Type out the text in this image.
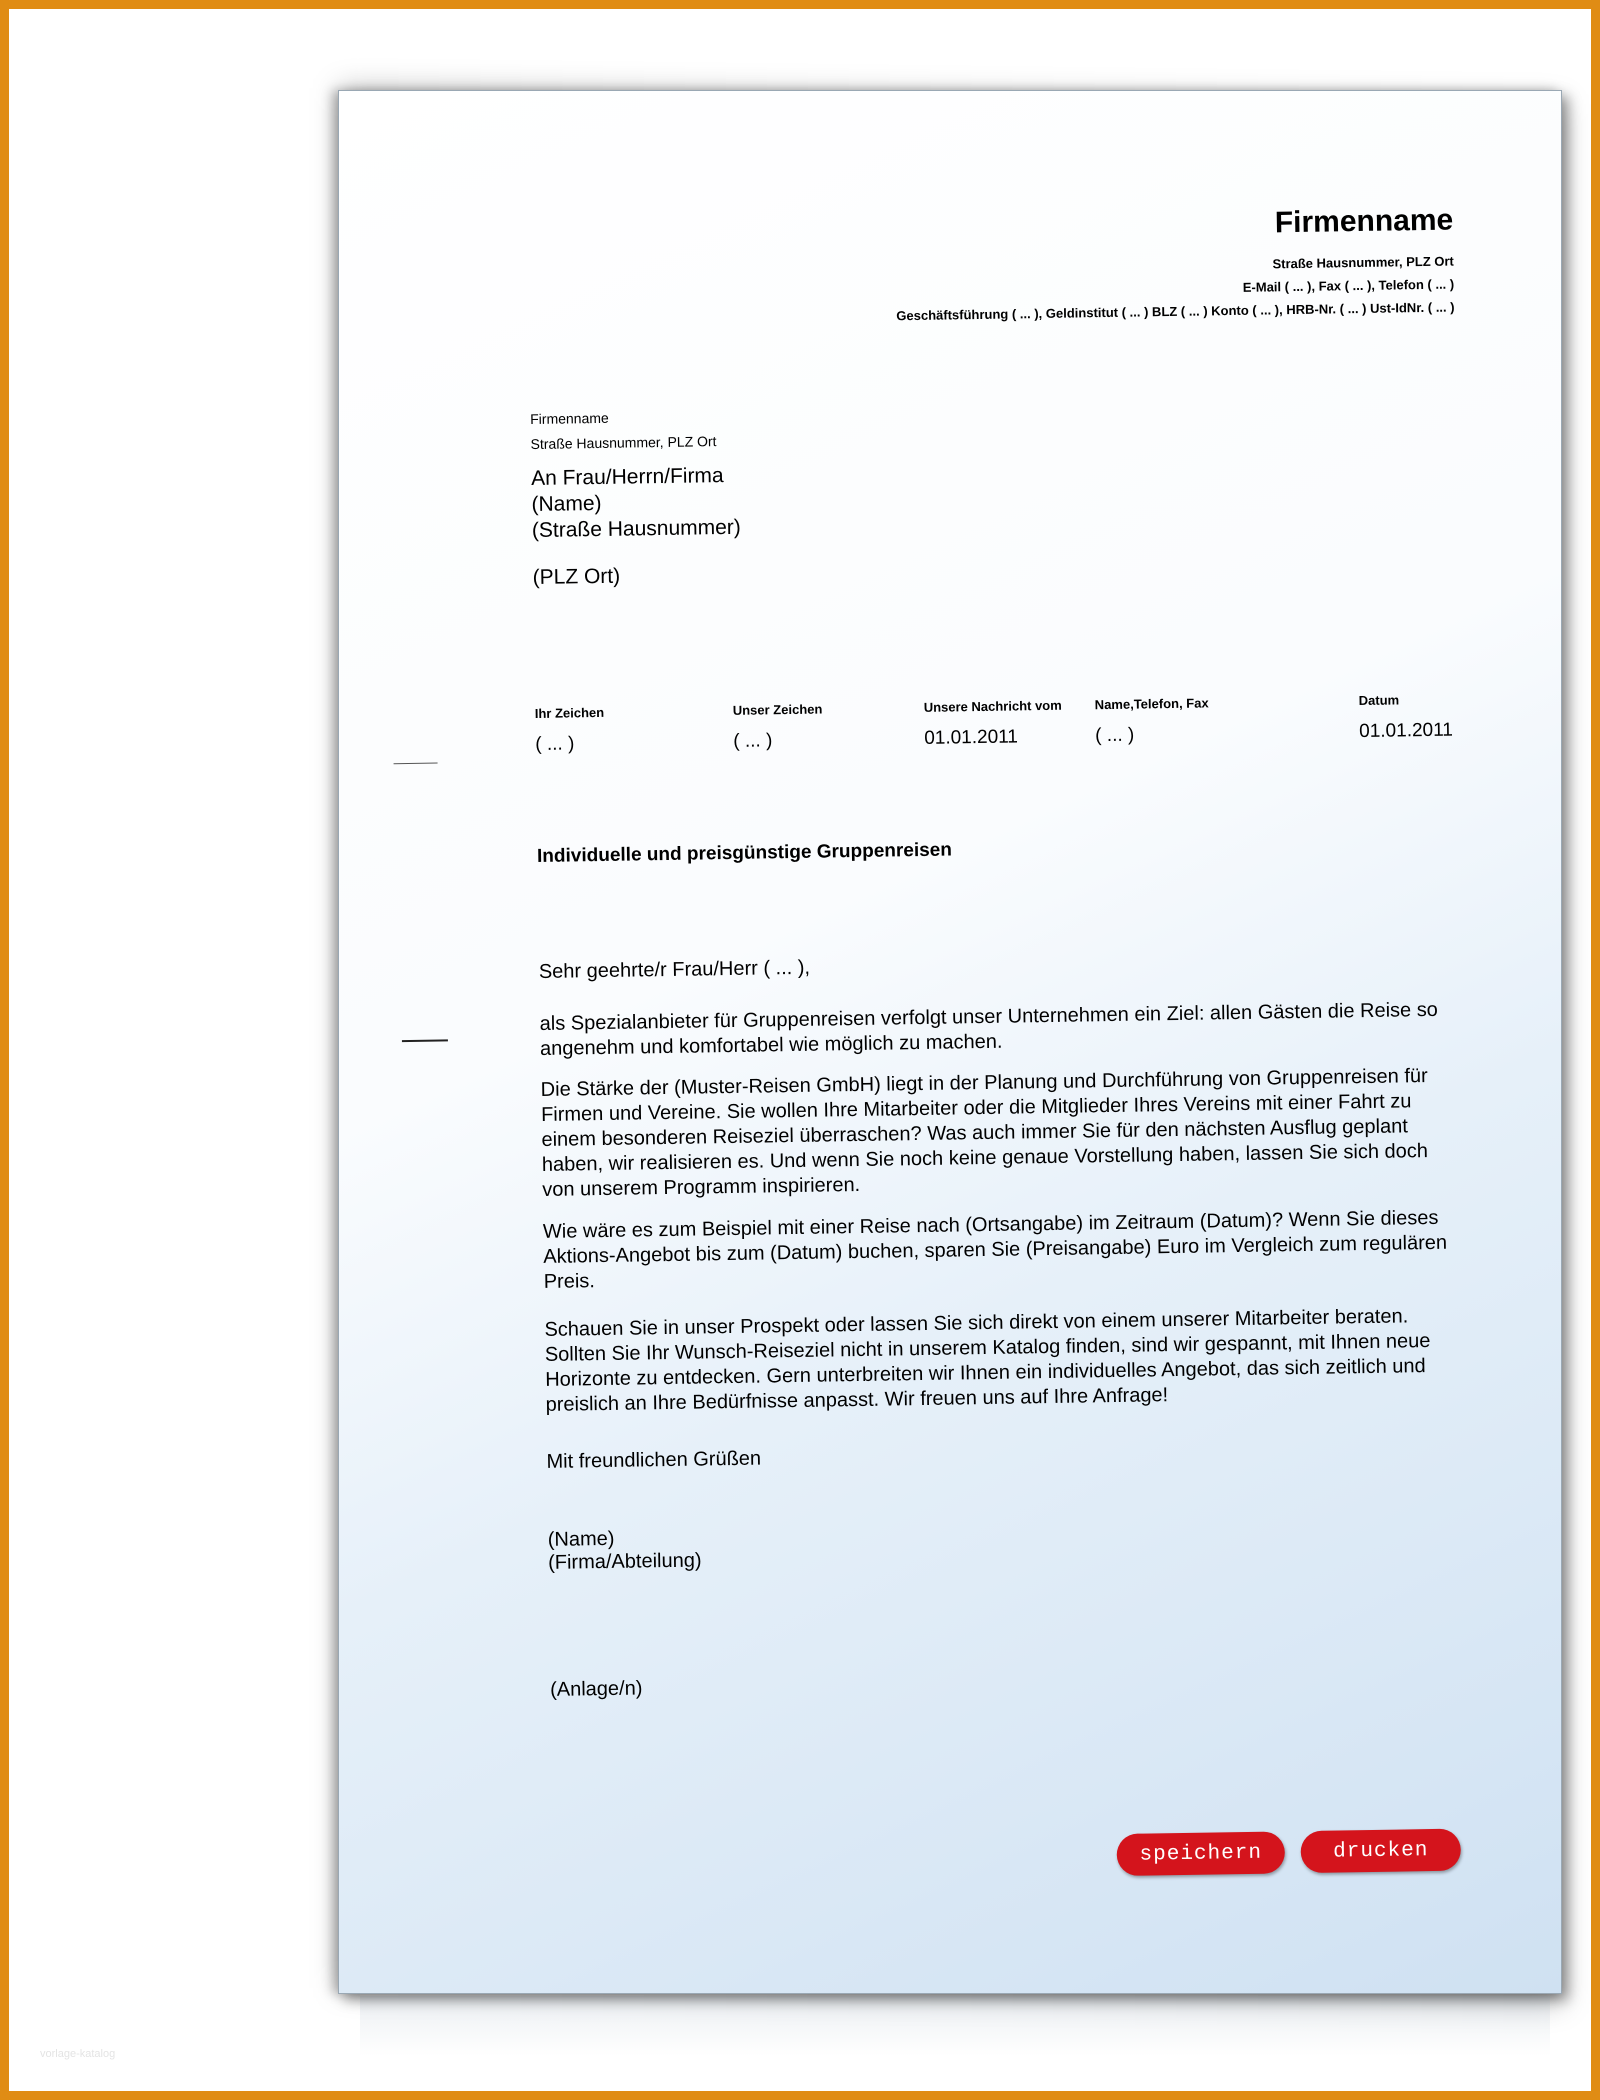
Firmenname
Straße Hausnummer, PLZ Ort
E-Mail ( ... ), Fax ( ... ), Telefon ( ... )
Geschäftsführung ( ... ), Geldinstitut ( ... ) BLZ ( ... ) Konto ( ... ), HRB-Nr. ( ... ) Ust-IdNr. ( ... )
Firmenname
Straße Hausnummer, PLZ Ort
An Frau/Herrn/Firma
(Name)
(Straße Hausnummer)
(PLZ Ort)
Ihr Zeichen
( ... )
Unser Zeichen
( ... )
Unsere Nachricht vom
01.01.2011
Name,Telefon, Fax
( ... )
Datum
01.01.2011
Individuelle und preisgünstige Gruppenreisen
Sehr geehrte/r Frau/Herr ( ... ),
als Spezialanbieter für Gruppenreisen verfolgt unser Unternehmen ein Ziel: allen Gästen die Reise so angenehm und komfortabel wie möglich zu machen.
Die Stärke der (Muster-Reisen GmbH) liegt in der Planung und Durchführung von Gruppenreisen für Firmen und Vereine. Sie wollen Ihre Mitarbeiter oder die Mitglieder Ihres Vereins mit einer Fahrt zu einem besonderen Reiseziel überraschen? Was auch immer Sie für den nächsten Ausflug geplant haben, wir realisieren es. Und wenn Sie noch keine genaue Vorstellung haben, lassen Sie sich doch von unserem Programm inspirieren.
Wie wäre es zum Beispiel mit einer Reise nach (Ortsangabe) im Zeitraum (Datum)? Wenn Sie dieses Aktions-Angebot bis zum (Datum) buchen, sparen Sie (Preisangabe) Euro im Vergleich zum regulären Preis.
Schauen Sie in unser Prospekt oder lassen Sie sich direkt von einem unserer Mitarbeiter beraten. Sollten Sie Ihr Wunsch-Reiseziel nicht in unserem Katalog finden, sind wir gespannt, mit Ihnen neue Horizonte zu entdecken. Gern unterbreiten wir Ihnen ein individuelles Angebot, das sich zeitlich und preislich an Ihre Bedürfnisse anpasst. Wir freuen uns auf Ihre Anfrage!
Mit freundlichen Grüßen
(Name)
(Firma/Abteilung)
(Anlage/n)
speichern	drucken
vorlage-katalog
